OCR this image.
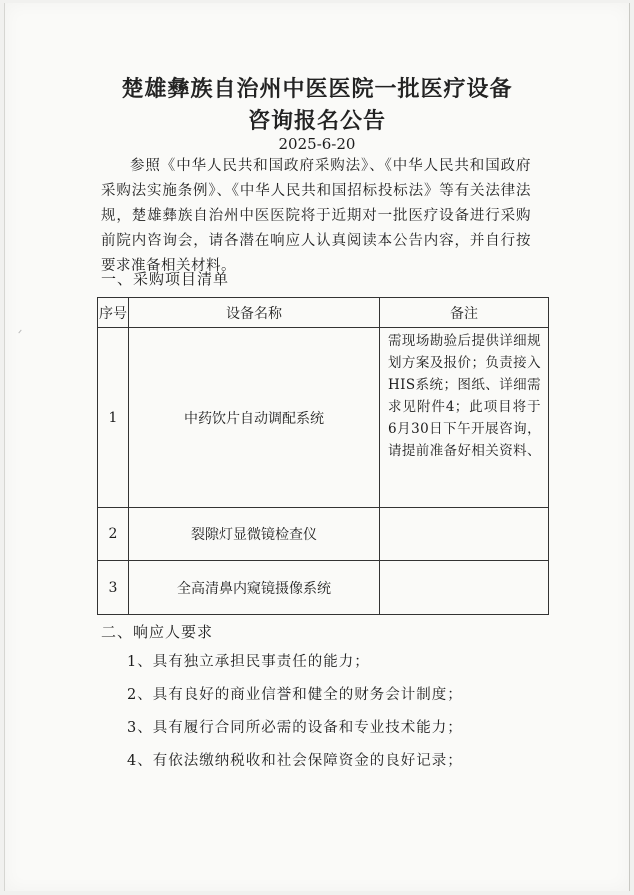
楚雄彝族自治州中医医院一批医疗设备
咨询报名公告
2025-6-20
参照《中华人民共和国政府采购法》、《中华人民共和国政府采购法实施条例》、《中华人民共和国招标投标法》等有关法律法规，楚雄彝族自治州中医医院将于近期对一批医疗设备进行采购前院内咨询会，请各潜在响应人认真阅读本公告内容，并自行按要求准备相关材料。
一、采购项目清单
序号	设备名称	备注
1	中药饮片自动调配系统	需现场勘验后提供详细规划方案及报价；负责接入HIS系统；图纸、详细需求见附件4；此项目将于6月30日下午开展咨询，请提前准备好相关资料、
2	裂隙灯显微镜检查仪	
3	全高清鼻内窥镜摄像系统	
二、响应人要求
1、具有独立承担民事责任的能力；
2、具有良好的商业信誉和健全的财务会计制度；
3、具有履行合同所必需的设备和专业技术能力；
4、有依法缴纳税收和社会保障资金的良好记录；
